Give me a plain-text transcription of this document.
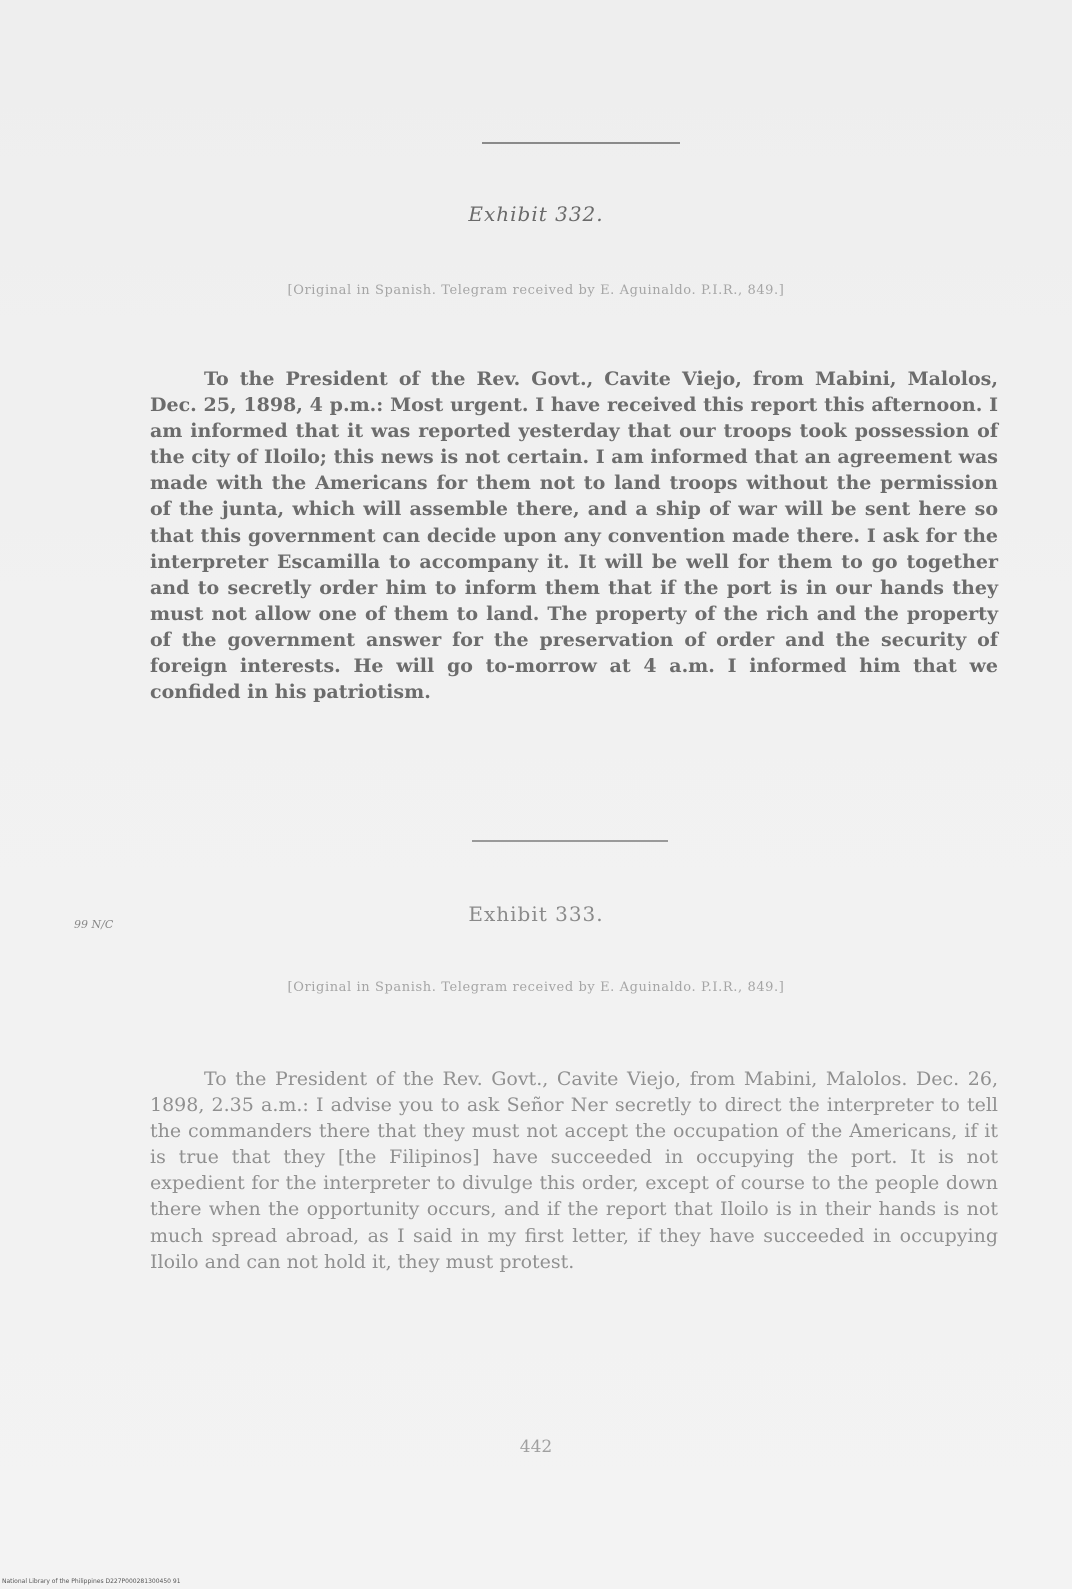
Exhibit 332.
[Original in Spanish. Telegram received by E. Aguinaldo. P.I.R., 849.]

To the President of the Rev. Govt., Cavite Viejo, from Mabini, Malolos, Dec. 25, 1898, 4 p.m.: Most urgent. I have received this report this afternoon. I am informed that it was reported yesterday that our troops took possession of the city of Iloilo; this news is not certain. I am informed that an agreement was made with the Americans for them not to land troops without the permission of the junta, which will assemble there, and a ship of war will be sent here so that this government can decide upon any convention made there. I ask for the interpreter Escamilla to accompany it. It will be well for them to go together and to secretly order him to inform them that if the port is in our hands they must not allow one of them to land. The property of the rich and the property of the government answer for the preservation of order and the security of foreign interests. He will go to-morrow at 4 a.m. I informed him that we confided in his patriotism.

99 N/C	Exhibit 333.
[Original in Spanish. Telegram received by E. Aguinaldo. P.I.R., 849.]

To the President of the Rev. Govt., Cavite Viejo, from Mabini, Malolos. Dec. 26, 1898, 2.35 a.m.: I advise you to ask Señor Ner secretly to direct the interpreter to tell the commanders there that they must not accept the occupation of the Americans, if it is true that they [the Filipinos] have succeeded in occupying the port. It is not expedient for the interpreter to divulge this order, except of course to the people down there when the opportunity occurs, and if the report that Iloilo is in their hands is not much spread abroad, as I said in my first letter, if they have succeeded in occupying Iloilo and can not hold it, they must protest.

442
National Library of the Philippines D227P000281300450 91
